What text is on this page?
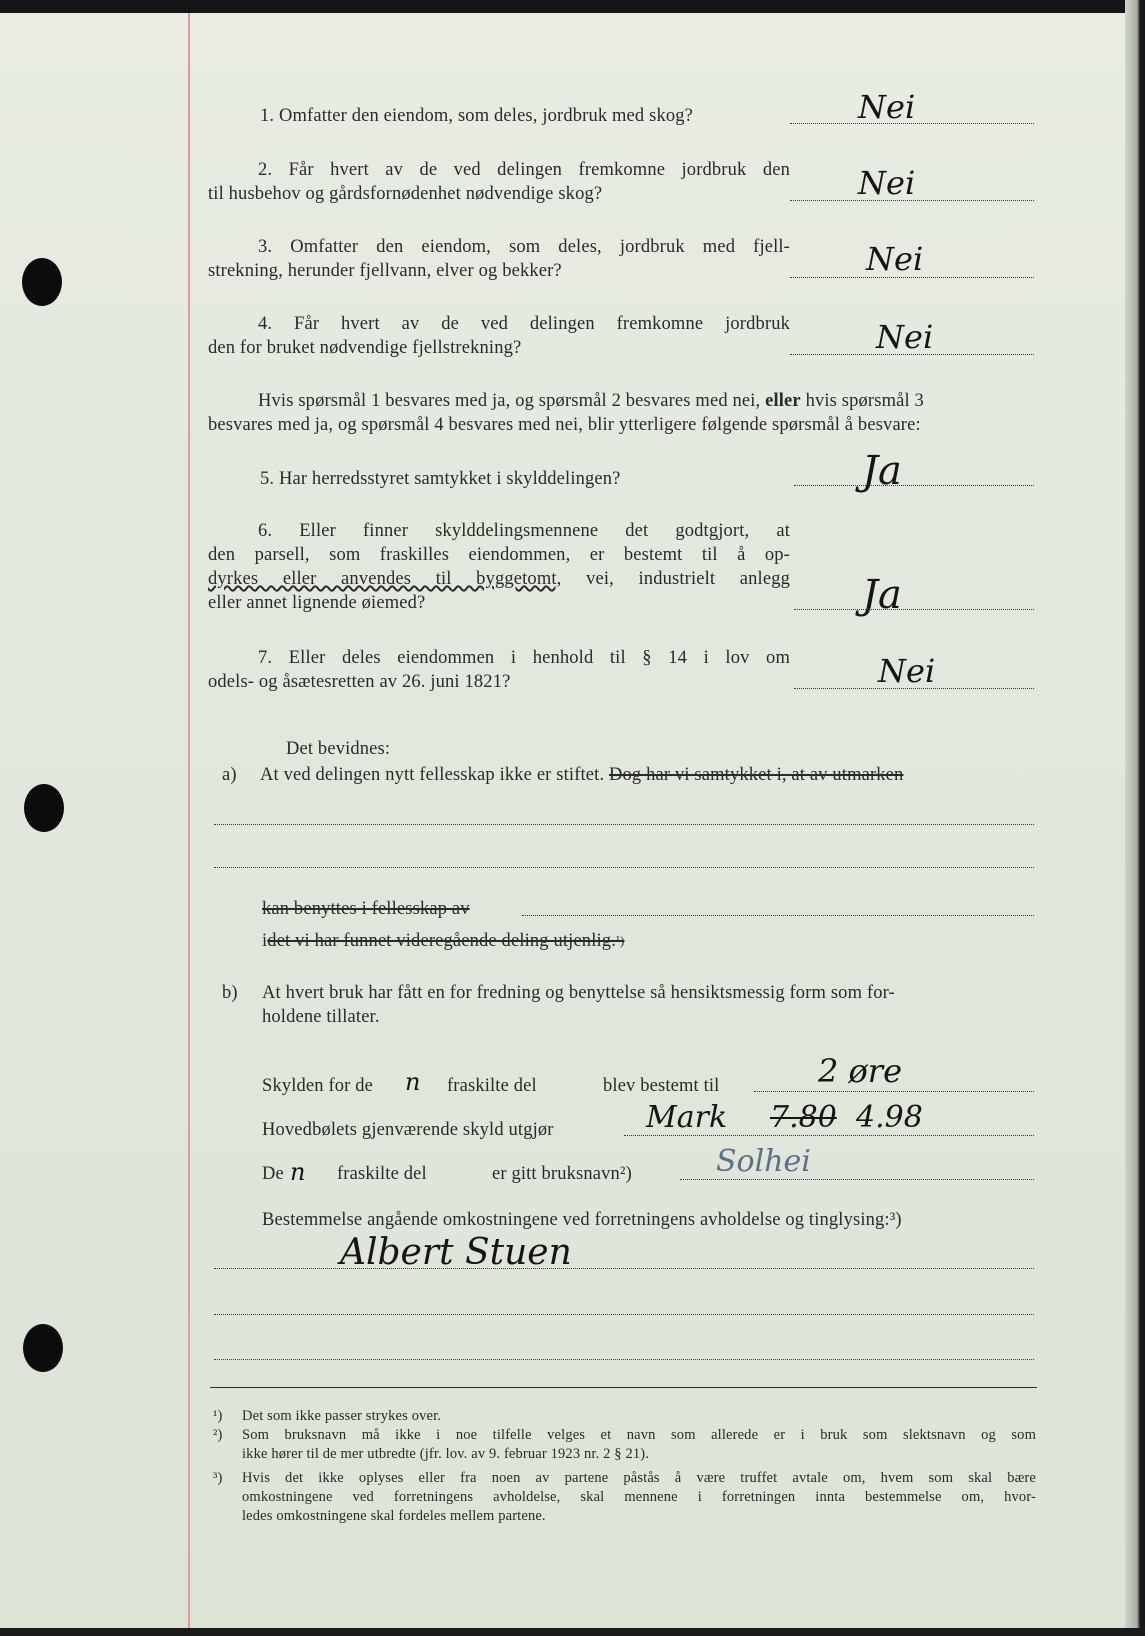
1. Omfatter den eiendom, som deles, jordbruk med skog?	Nei
2. Får hvert av de ved delingen fremkomne jordbruk den
til husbehov og gårdsfornødenhet nødvendige skog?	Nei
3. Omfatter den eiendom, som deles, jordbruk med fjell-
strekning, herunder fjellvann, elver og bekker?	Nei
4. Får hvert av de ved delingen fremkomne jordbruk
den for bruket nødvendige fjellstrekning?	Nei
Hvis spørsmål 1 besvares med ja, og spørsmål 2 besvares med nei, eller hvis spørsmål 3
besvares med ja, og spørsmål 4 besvares med nei, blir ytterligere følgende spørsmål å besvare:
5. Har herredsstyret samtykket i skylddelingen?	Ja
6. Eller finner skylddelingsmennene det godtgjort, at
den parsell, som fraskilles eiendommen, er bestemt til å op-
dyrkes eller anvendes til byggetomt, vei, industrielt anlegg
eller annet lignende øiemed?	Ja
7. Eller deles eiendommen i henhold til § 14 i lov om
odels- og åsætesretten av 26. juni 1821?	Nei
Det bevidnes:
a) At ved delingen nytt fellesskap ikke er stiftet. Dog har vi samtykket i, at av utmarken
kan benyttes i fellesskap av
idet vi har funnet videregående deling utjenlig.$^{^1)}$
b) At hvert bruk har fått en for fredning og benyttelse så hensiktsmessig form som for-
holdene tillater.
Skylden for de n fraskilte del	blev bestemt til	2 øre
Hovedbølets gjenværende skyld utgjør	Mark 7.80 4.98
De n fraskilte del	er gitt bruksnavn²)	Solhei
Bestemmelse angående omkostningene ved forretningens avholdelse og tinglysing:³)
Albert Stuen
¹) Det som ikke passer strykes over.
²) Som bruksnavn må ikke i noe tilfelle velges et navn som allerede er i bruk som slektsnavn og som
ikke hører til de mer utbredte (jfr. lov. av 9. februar 1923 nr. 2 § 21).
³) Hvis det ikke oplyses eller fra noen av partene påstås å være truffet avtale om, hvem som skal bære
omkostningene ved forretningens avholdelse, skal mennene i forretningen innta bestemmelse om, hvor-
ledes omkostningene skal fordeles mellem partene.
